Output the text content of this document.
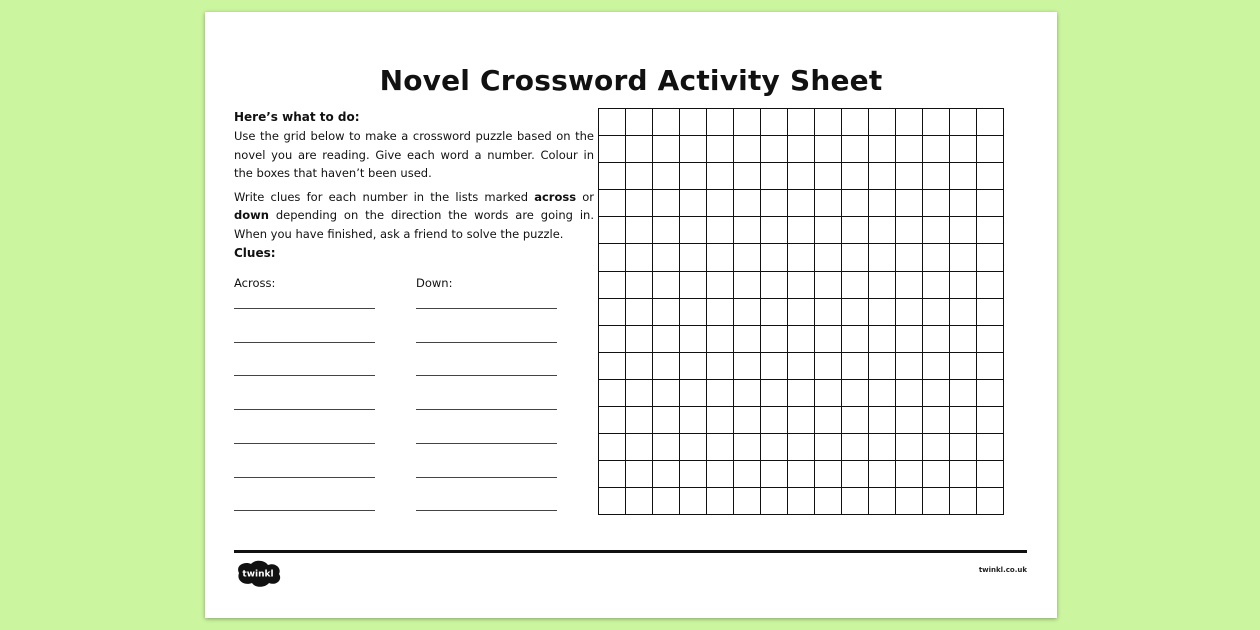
Novel Crossword Activity Sheet
Here’s what to do:

Use the grid below to make a crossword puzzle based on the novel you are reading. Give each word a number. Colour in the boxes that haven’t been used.

Write clues for each number in the lists marked across or down depending on the direction the words are going in. When you have finished, ask a friend to solve the puzzle.

Clues:
Across:	Down:

twinkl	twinkl.co.uk
